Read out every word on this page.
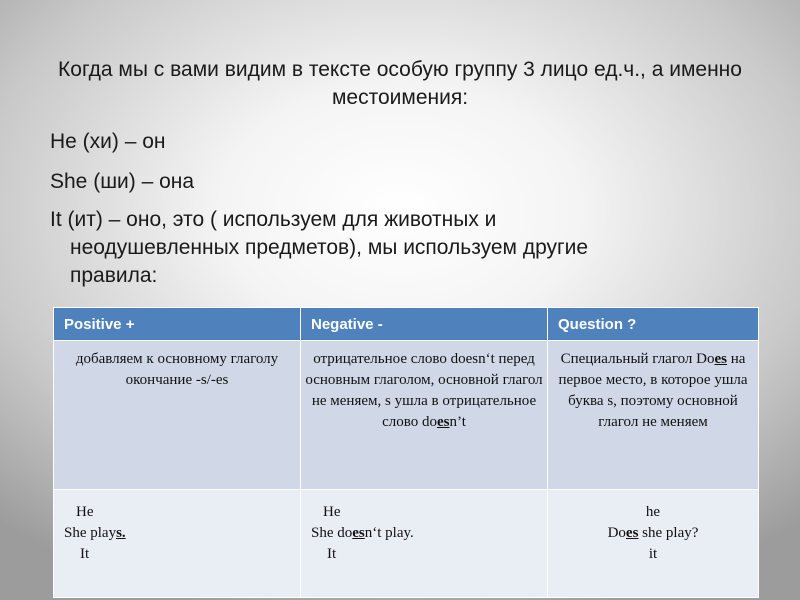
Когда мы с вами видим в тексте особую группу 3 лицо ед.ч., а именно местоимения:
He (хи) – он
She (ши) – она
It (ит) – оно, это ( используем для животных и
неодушевленных предметов), мы используем другие
правила:
Positive +	Negative -	Question ?
добавляем к основному глаголу окончание -s/-es	отрицательное слово doesn‘t перед основным глаголом, основной глагол не меняем, s ушла в отрицательное слово doesn’t	Специальный глагол Does на первое место, в которое ушла буква s, поэтому основной глагол не меняем

He
She plays.
It	He
She doesn‘t play.
It	he
Does she play?
it
